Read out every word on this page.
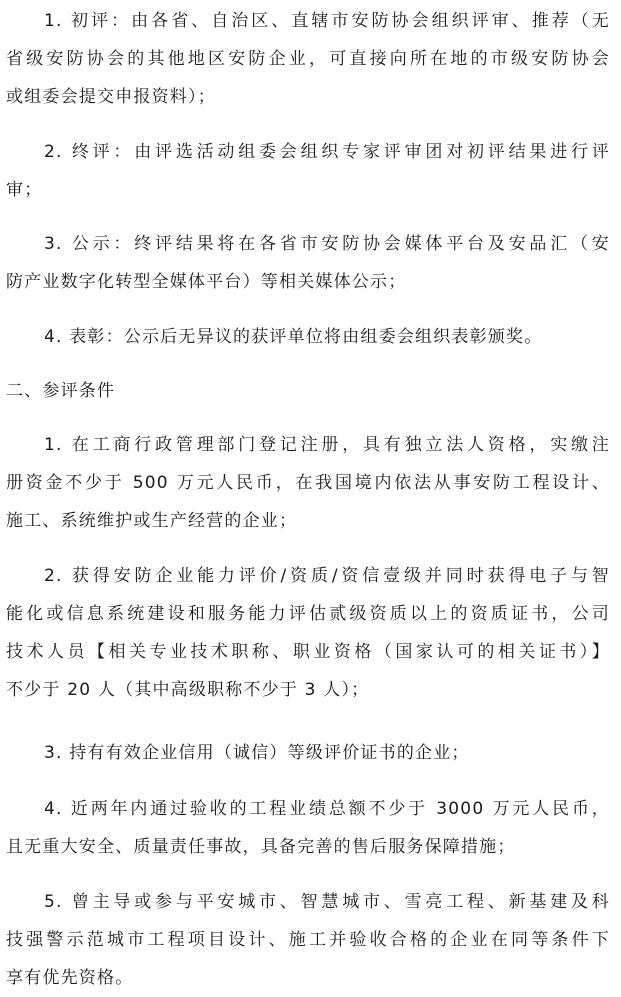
1. 初评：由各省、自治区、直辖市安防协会组织评审、推荐（无
省级安防协会的其他地区安防企业，可直接向所在地的市级安防协会
或组委会提交申报资料）；
2. 终评：由评选活动组委会组织专家评审团对初评结果进行评
审；
3. 公示：终评结果将在各省市安防协会媒体平台及安品汇（安
防产业数字化转型全媒体平台）等相关媒体公示；
4. 表彰：公示后无异议的获评单位将由组委会组织表彰颁奖。
二、参评条件
1. 在工商行政管理部门登记注册，具有独立法人资格，实缴注
册资金不少于 500 万元人民币，在我国境内依法从事安防工程设计、
施工、系统维护或生产经营的企业；
2. 获得安防企业能力评价/资质/资信壹级并同时获得电子与智
能化或信息系统建设和服务能力评估贰级资质以上的资质证书，公司
技术人员【相关专业技术职称、职业资格（国家认可的相关证书）】
不少于 20 人（其中高级职称不少于 3 人）；
3. 持有有效企业信用（诚信）等级评价证书的企业；
4. 近两年内通过验收的工程业绩总额不少于 3000 万元人民币，
且无重大安全、质量责任事故，具备完善的售后服务保障措施；
5. 曾主导或参与平安城市、智慧城市、雪亮工程、新基建及科
技强警示范城市工程项目设计、施工并验收合格的企业在同等条件下
享有优先资格。
